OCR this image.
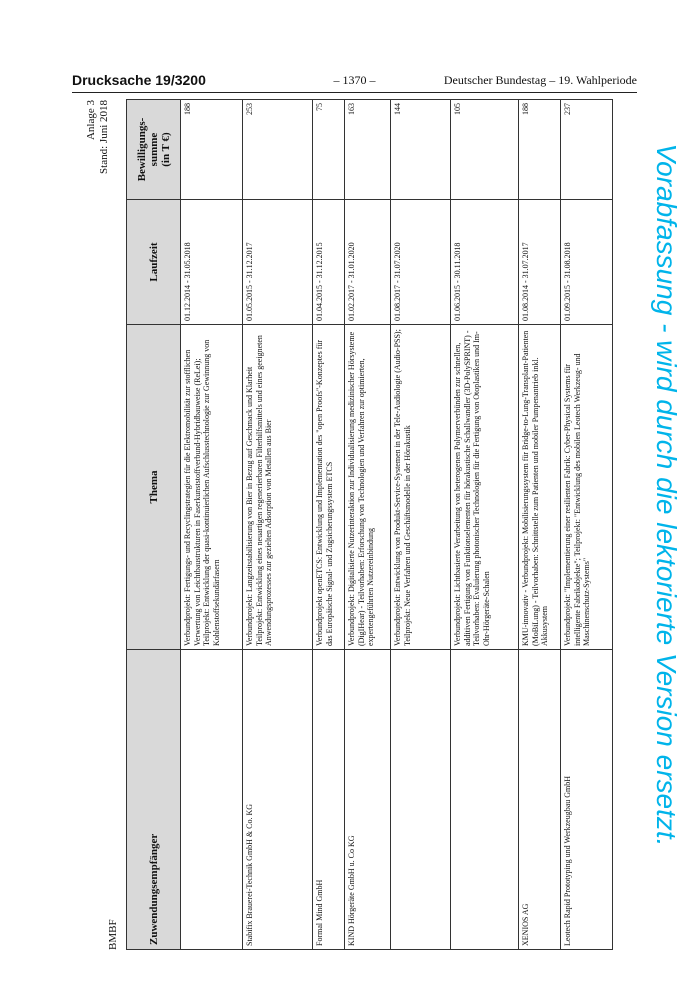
Drucksache 19/3200	– 1370 –	Deutscher Bundestag – 19. Wahlperiode
Anlage 3 Stand: Juni 2018
BMBF	Zuwendungsempfänger	Thema	Laufzeit	Bewilligungs-
summe
(in T €)
	Verbundprojekt: Fertigungs- und Recyclingstrategien für die Elektromobilität zur stofflichen Verwertung von Leichtbaustrukturen in Faserkunststoffverbund-Hybridbauweise (ReLei); Teilprojekt: Entwicklung der quasi-kontinuierlichen Aufschlusstechnologie zur Gewinnung von Kohlenstoffsekundärfasern	01.12.2014 - 31.05.2018	188
Stabifix Brauerei-Technik GmbH & Co. KG	Verbundprojekt: Langzeitstabilisierung von Bier in Bezug auf Geschmack und Klarheit Teilprojekt: Entwicklung eines neuartigen regenerierbaren Filterhilfsmittels und eines geeigneten Anwendungsprozesses zur gezielten Adsorption von Metallen aus Bier	01.05.2015 - 31.12.2017	253
Formal Mind GmbH	Verbundprojekt openETCS: Entwicklung und Implementation des "open Proofs"-Konzeptes für das Europäische Signal- und Zugsicherungssystem ETCS	01.04.2015 - 31.12.2015	75
KIND Hörgeräte GmbH u. Co KG	Verbundprojekt: Digitalisierte Nutzerinteraktion zur Individualisierung medizinischer Hörsysteme (DigIHear) - Teilvorhaben: Erforschung von Technologien und Verfahren zur optimierten, expertengeführten Nutzereinbindung	01.02.2017 - 31.01.2020	163
	Verbundprojekt: Entwicklung von Produkt-Service-Systemen in der Tele-Audiologie (Audio-PSS); Teilprojekt: Neue Verfahren und Geschäftsmodelle in der Hörakustik	01.08.2017 - 31.07.2020	144
	Verbundprojekt: Lichtbasierte Verarbeitung von heterogenen Polymerverbünden zur schnellen, additiven Fertigung von Funktionselementen für hörakustische Schallwandler (3D-PolySPRINT) - Teilvorhaben: Evaluierung photonischer Technologien für die Fertigung von Otoplastiken und Im-Ohr-Hörgeräte-Schalen	01.06.2015 - 30.11.2018	105
XENIOS AG	KMU-innovativ - Verbundprojekt: Mobilisierungssystem für Bridge-to-Lung-Transplant-Patienten (MoBiLung) - Teilvorhaben: Schnittstelle zum Patienten und mobiler Pumpenantrieb inkl. Akkusystem	01.08.2014 - 31.07.2017	188
Leotech Rapid Prototyping und Werkzeugbau GmbH	Verbundprojekt: "Implementierung einer resilienten Fabrik: Cyber-Physical Systems für intelligente Fabrikobjekte"; Teilprojekt: "Entwicklung des mobilen Leotech Werkzeug- und Maschinenschutz-Systems"	01.09.2015 - 31.08.2018	237
Vorabfassung - wird durch die lektorierte Version ersetzt.
